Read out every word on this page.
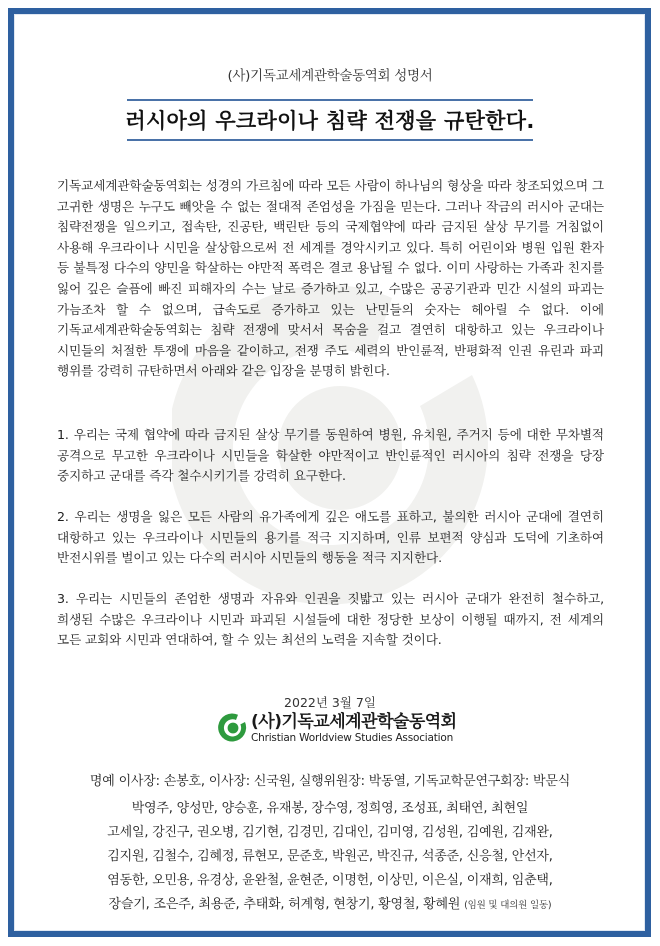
(사)기독교세계관학술동역회 성명서
러시아의 우크라이나 침략 전쟁을 규탄한다.
기독교세계관학술동역회는 성경의 가르침에 따라 모든 사람이 하나님의 형상을 따라 창조되었으며 그 고귀한 생명은 누구도 빼앗을 수 없는 절대적 존엄성을 가짐을 믿는다. 그러나 작금의 러시아 군대는 침략전쟁을 일으키고, 접속탄, 진공탄, 백린탄 등의 국제협약에 따라 금지된 살상 무기를 거침없이 사용해 우크라이나 시민을 살상함으로써 전 세계를 경악시키고 있다. 특히 어린이와 병원 입원 환자 등 불특정 다수의 양민을 학살하는 야만적 폭력은 결코 용납될 수 없다. 이미 사랑하는 가족과 친지를 잃어 깊은 슬픔에 빠진 피해자의 수는 날로 증가하고 있고, 수많은 공공기관과 민간 시설의 파괴는 가늠조차 할 수 없으며, 급속도로 증가하고 있는 난민들의 숫자는 헤아릴 수 없다. 이에 기독교세계관학술동역회는 침략 전쟁에 맞서서 목숨을 걸고 결연히 대항하고 있는 우크라이나 시민들의 처절한 투쟁에 마음을 같이하고, 전쟁 주도 세력의 반인륜적, 반평화적 인권 유린과 파괴 행위를 강력히 규탄하면서 아래와 같은 입장을 분명히 밝힌다.
1. 우리는 국제 협약에 따라 금지된 살상 무기를 동원하여 병원, 유치원, 주거지 등에 대한 무차별적 공격으로 무고한 우크라이나 시민들을 학살한 야만적이고 반인륜적인 러시아의 침략 전쟁을 당장 중지하고 군대를 즉각 철수시키기를 강력히 요구한다.
2. 우리는 생명을 잃은 모든 사람의 유가족에게 깊은 애도를 표하고, 불의한 러시아 군대에 결연히 대항하고 있는 우크라이나 시민들의 용기를 적극 지지하며, 인류 보편적 양심과 도덕에 기초하여 반전시위를 벌이고 있는 다수의 러시아 시민들의 행동을 적극 지지한다.
3. 우리는 시민들의 존엄한 생명과 자유와 인권을 짓밟고 있는 러시아 군대가 완전히 철수하고, 희생된 수많은 우크라이나 시민과 파괴된 시설들에 대한 정당한 보상이 이행될 때까지, 전 세계의 모든 교회와 시민과 연대하여, 할 수 있는 최선의 노력을 지속할 것이다.
2022년 3월 7일
(사)기독교세계관학술동역회
Christian Worldview Studies Association
명예 이사장: 손봉호, 이사장: 신국원, 실행위원장: 박동열, 기독교학문연구회장: 박문식
박영주, 양성만, 양승훈, 유재봉, 장수영, 정희영, 조성표, 최태연, 최현일
고세일, 강진구, 권오병, 김기현, 김경민, 김대인, 김미영, 김성원, 김예원, 김재완,
김지원, 김철수, 김혜정, 류현모, 문준호, 박원곤, 박진규, 석종준, 신응철, 안선자,
염동한, 오민용, 유경상, 윤완철, 윤현준, 이명헌, 이상민, 이은실, 이재희, 임춘택,
장슬기, 조은주, 최용준, 추태화, 허계형, 현창기, 황영철, 황혜원 (임원 및 대의원 일동)
